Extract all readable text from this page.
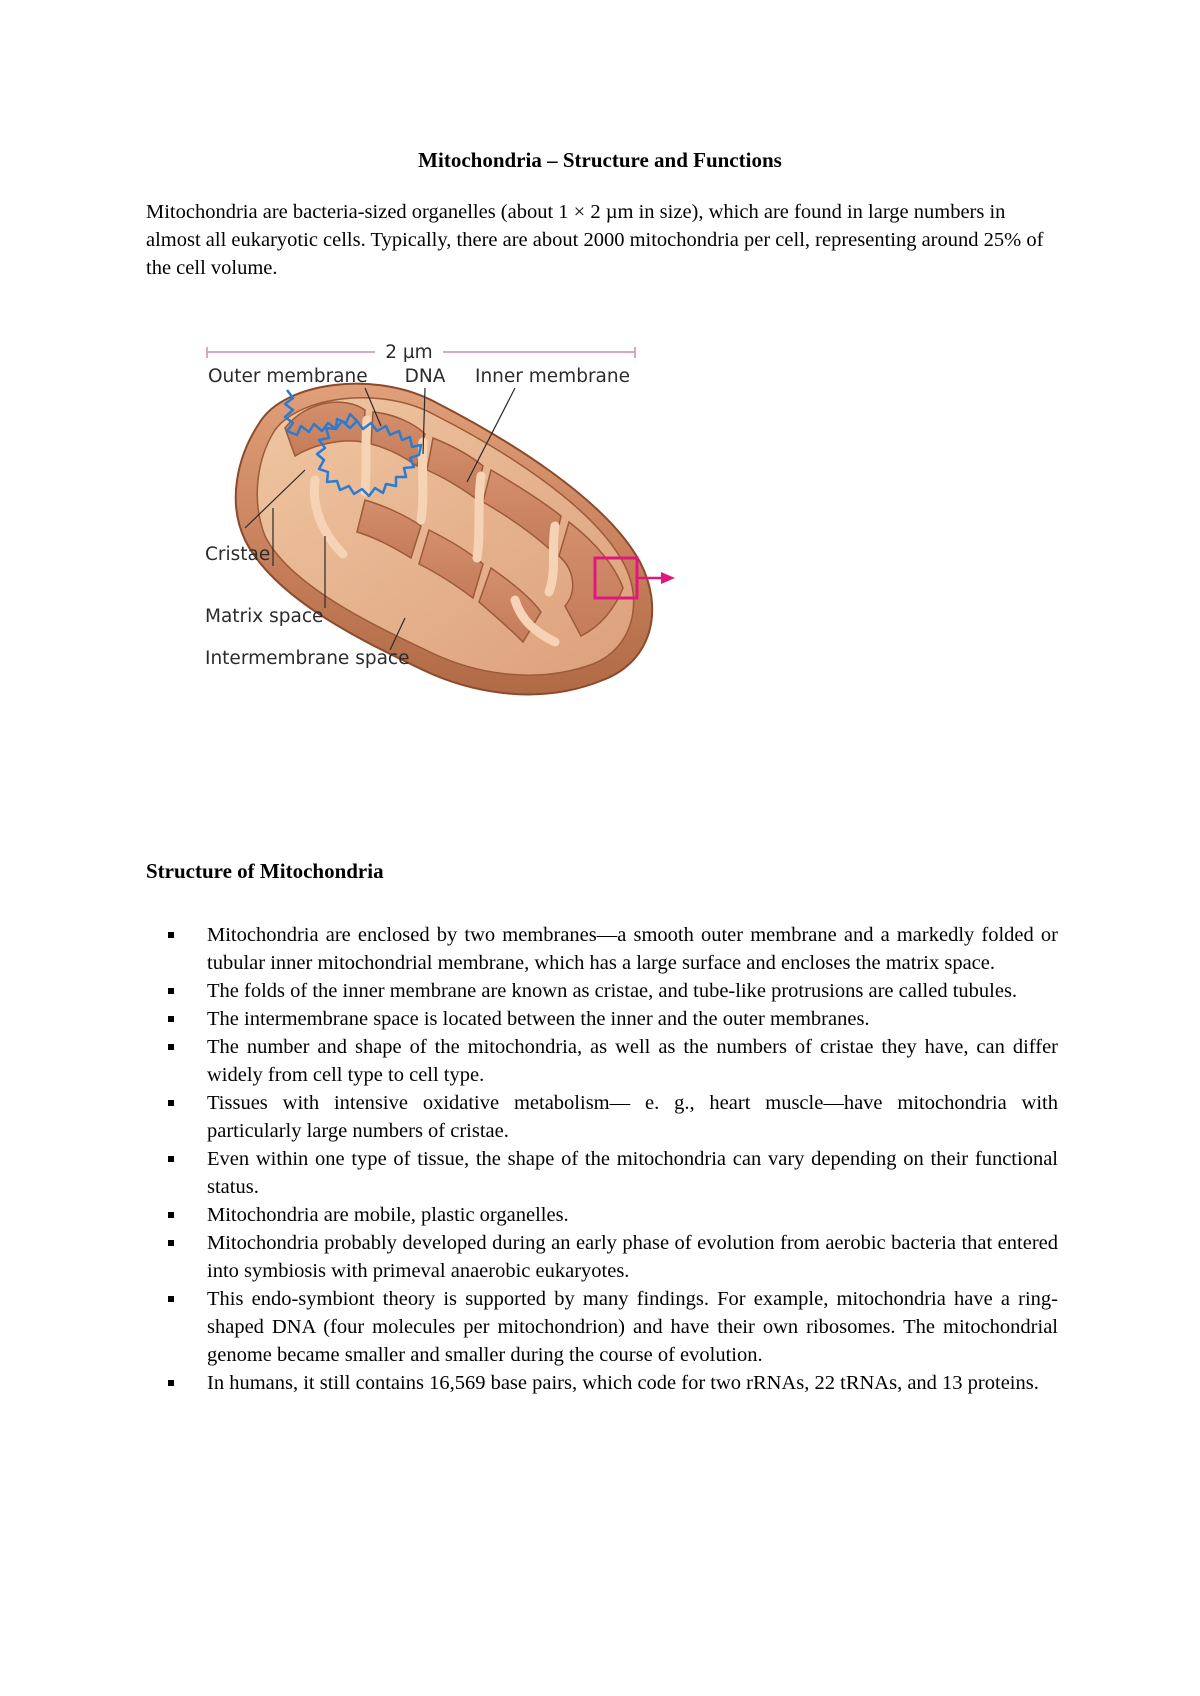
Mitochondria – Structure and Functions

Mitochondria are bacteria-sized organelles (about 1 × 2 µm in size), which are found in large numbers in almost all eukaryotic cells. Typically, there are about 2000 mitochondria per cell, representing around 25% of the cell volume.

2 µm
Outer membrane DNA Inner membrane
Cristae
Matrix space
Intermembrane space
Structure of Mitochondria
Mitochondria are enclosed by two membranes—a smooth outer membrane and a markedly folded or tubular inner mitochondrial membrane, which has a large surface and encloses the matrix space.
The folds of the inner membrane are known as cristae, and tube-like protrusions are called tubules.
The intermembrane space is located between the inner and the outer membranes.
The number and shape of the mitochondria, as well as the numbers of cristae they have, can differ widely from cell type to cell type.
Tissues with intensive oxidative metabolism— e. g., heart muscle—have mitochondria with particularly large numbers of cristae.
Even within one type of tissue, the shape of the mitochondria can vary depending on their functional status.
Mitochondria are mobile, plastic organelles.
Mitochondria probably developed during an early phase of evolution from aerobic bacteria that entered into symbiosis with primeval anaerobic eukaryotes.
This endo-symbiont theory is supported by many findings. For example, mitochondria have a ring-shaped DNA (four molecules per mitochondrion) and have their own ribosomes. The mitochondrial genome became smaller and smaller during the course of evolution.
In humans, it still contains 16,569 base pairs, which code for two rRNAs, 22 tRNAs, and 13 proteins.
